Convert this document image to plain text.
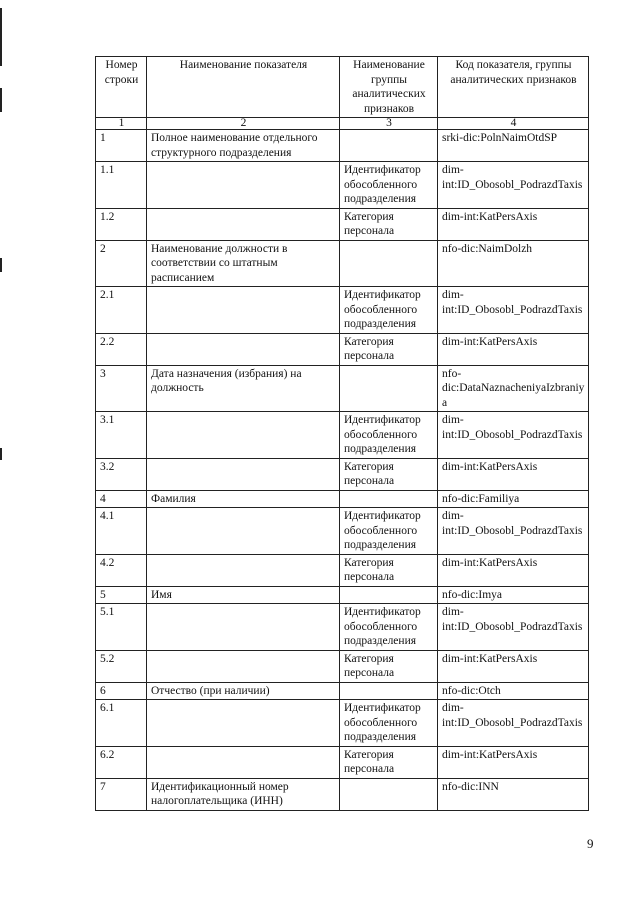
Номер строки	Наименование показателя	Наименование группы аналитических признаков	Код показателя, группы аналитических признаков
1	2	3	4
1	Полное наименование отдельного структурного подразделения		srki-dic:PolnNaimOtdSP
1.1		Идентификатор обособленного подразделения	dim-int:ID_Obosobl_PodrazdTaxis
1.2		Категория персонала	dim-int:KatPersAxis
2	Наименование должности в соответствии со штатным расписанием		nfo-dic:NaimDolzh
2.1		Идентификатор обособленного подразделения	dim-int:ID_Obosobl_PodrazdTaxis
2.2		Категория персонала	dim-int:KatPersAxis
3	Дата назначения (избрания) на должность		nfo-dic:DataNaznacheniyaIzbraniya
3.1		Идентификатор обособленного подразделения	dim-int:ID_Obosobl_PodrazdTaxis
3.2		Категория персонала	dim-int:KatPersAxis
4	Фамилия		nfo-dic:Familiya
4.1		Идентификатор обособленного подразделения	dim-int:ID_Obosobl_PodrazdTaxis
4.2		Категория персонала	dim-int:KatPersAxis
5	Имя		nfo-dic:Imya
5.1		Идентификатор обособленного подразделения	dim-int:ID_Obosobl_PodrazdTaxis
5.2		Категория персонала	dim-int:KatPersAxis
6	Отчество (при наличии)		nfo-dic:Otch
6.1		Идентификатор обособленного подразделения	dim-int:ID_Obosobl_PodrazdTaxis
6.2		Категория персонала	dim-int:KatPersAxis
7	Идентификационный номер налогоплательщика (ИНН)		nfo-dic:INN
9
